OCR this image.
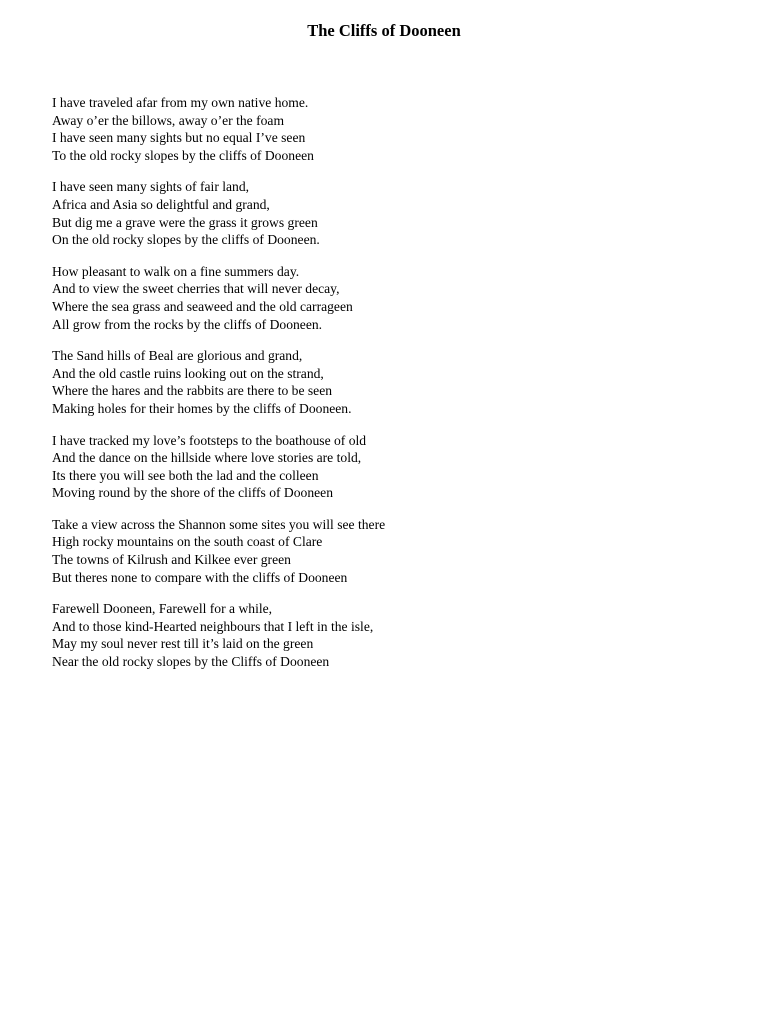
The Cliffs of Dooneen
I have traveled afar from my own native home.
Away o’er the billows, away o’er the foam
I have seen many sights but no equal I’ve seen
To the old rocky slopes by the cliffs of Dooneen
I have seen many sights of fair land,
Africa and Asia so delightful and grand,
But dig me a grave were the grass it grows green
On the old rocky slopes by the cliffs of Dooneen.
How pleasant to walk on a fine summers day.
And to view the sweet cherries that will never decay,
Where the sea grass and seaweed and the old carrageen
All grow from the rocks by the cliffs of Dooneen.
The Sand hills of Beal are glorious and grand,
And the old castle ruins looking out on the strand,
Where the hares and the rabbits are there to be seen
Making holes for their homes by the cliffs of Dooneen.
I have tracked my love’s footsteps to the boathouse of old
And the dance on the hillside where love stories are told,
Its there you will see both the lad and the colleen
Moving round by the shore of the cliffs of Dooneen
Take a view across the Shannon some sites you will see there
High rocky mountains on the south coast of Clare
The towns of Kilrush and Kilkee ever green
But theres none to compare with the cliffs of Dooneen
Farewell Dooneen, Farewell for a while,
And to those kind-Hearted neighbours that I left in the isle,
May my soul never rest till it’s laid on the green
Near the old rocky slopes by the Cliffs of Dooneen
